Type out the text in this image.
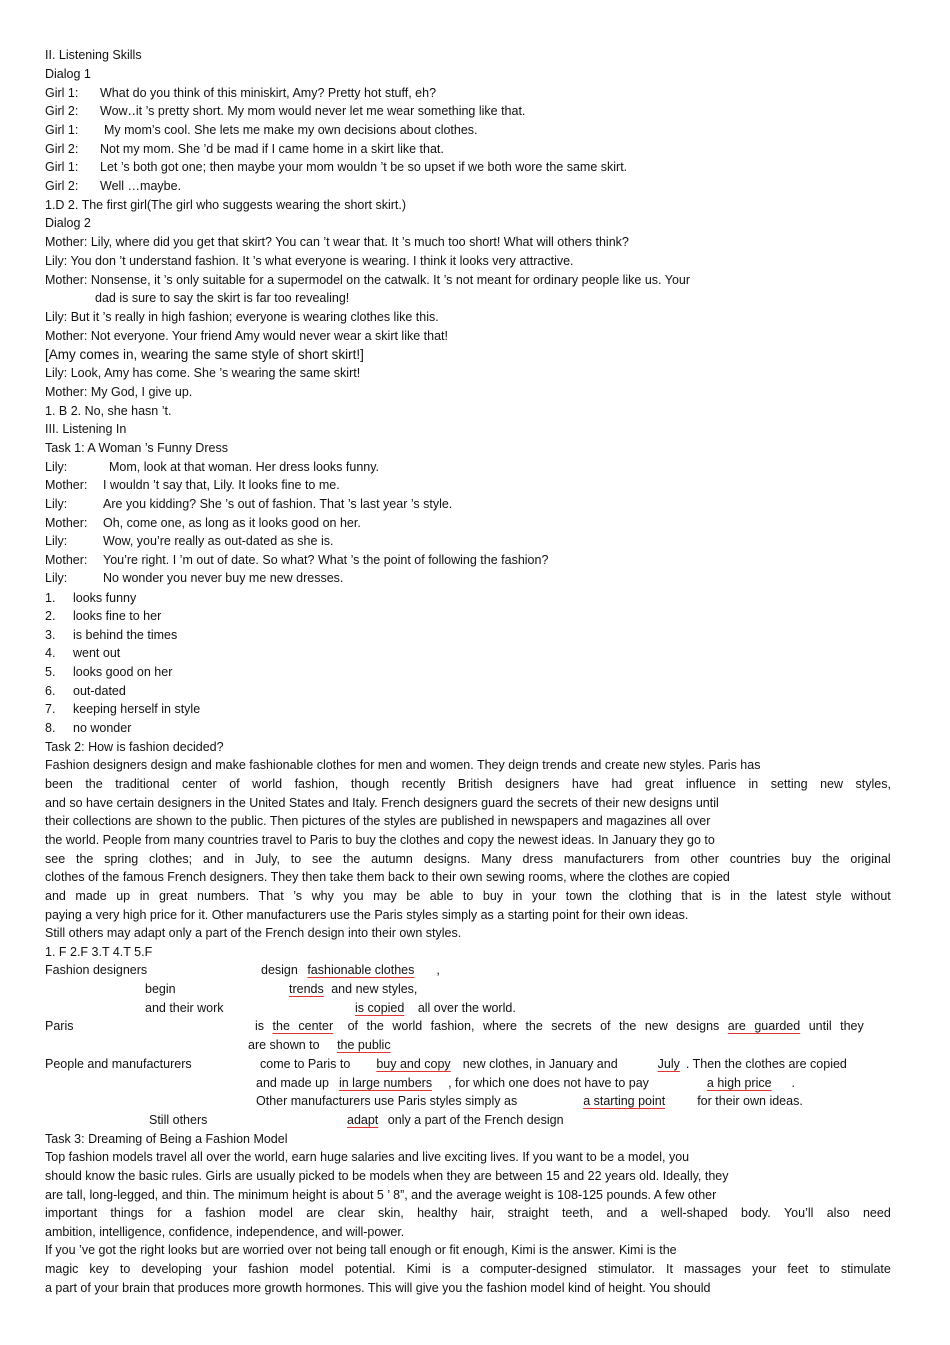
II. Listening Skills
Dialog 1
Girl 1: What do you think of this miniskirt, Amy? Pretty hot stuff, eh?
Girl 2: Wow‥it ’s pretty short. My mom would never let me wear something like that.
Girl 1: My mom’s cool. She lets me make my own decisions about clothes.
Girl 2: Not my mom. She ’d be mad if I came home in a skirt like that.
Girl 1: Let ’s both got one; then maybe your mom wouldn ’t be so upset if we both wore the same skirt.
Girl 2: Well …maybe.
1.D 2. The first girl(The girl who suggests wearing the short skirt.)
Dialog 2
Mother: Lily, where did you get that skirt? You can ’t wear that. It ’s much too short! What will others think?
Lily: You don ’t understand fashion. It ’s what everyone is wearing. I think it looks very attractive.
Mother: Nonsense, it ’s only suitable for a supermodel on the catwalk. It ’s not meant for ordinary people like us. Your
dad is sure to say the skirt is far too revealing!
Lily: But it ’s really in high fashion; everyone is wearing clothes like this.
Mother: Not everyone. Your friend Amy would never wear a skirt like that!
[Amy comes in, wearing the same style of short skirt!]
Lily: Look, Amy has come. She ’s wearing the same skirt!
Mother: My God, I give up.
1. B 2. No, she hasn ’t.
III. Listening In
Task 1: A Woman ’s Funny Dress
Lily:	Mom, look at that woman. Her dress looks funny.
Mother: I wouldn ’t say that, Lily. It looks fine to me.
Lily:	Are you kidding? She ’s out of fashion. That ’s last year ’s style.
Mother: Oh, come one, as long as it looks good on her.
Lily:	Wow, you’re really as out-dated as she is.
Mother: You’re right. I ’m out of date. So what? What ’s the point of following the fashion?
Lily:	No wonder you never buy me new dresses.
1. looks funny
2. looks fine to her
3. is behind the times
4. went out
5. looks good on her
6. out-dated
7. keeping herself in style
8. no wonder
Task 2: How is fashion decided?
Fashion designers design and make fashionable clothes for men and women. They deign trends and create new styles. Paris has
been the traditional center of world fashion, though recently British designers have had great influence in setting new styles,
and so have certain designers in the United States and Italy. French designers guard the secrets of their new designs until
their collections are shown to the public. Then pictures of the styles are published in newspapers and magazines all over
the world. People from many countries travel to Paris to buy the clothes and copy the newest ideas. In January they go to
see the spring clothes; and in July, to see the autumn designs. Many dress manufacturers from other countries buy the original
clothes of the famous French designers. They then take them back to their own sewing rooms, where the clothes are copied
and made up in great numbers. That ’s why you may be able to buy in your town the clothing that is in the latest style without
paying a very high price for it. Other manufacturers use the Paris styles simply as a starting point for their own ideas.
Still others may adapt only a part of the French design into their own styles.
1. F 2.F 3.T 4.T 5.F
Fashion designers	design fashionable clothes ,
begin	trends and new styles,
and their work	is copied all over the world.
Paris	is the center of the world fashion, where the secrets of the new designs are guarded until they
are shown to the public
People and manufacturers	come to Paris to buy and copy new clothes, in January and	July . Then the clothes are copied
and made up in large numbers , for which one does not have to pay	a high price .
Other manufacturers use Paris styles simply as	a starting point	for their own ideas.
Still others	adapt only a part of the French design
Task 3: Dreaming of Being a Fashion Model
Top fashion models travel all over the world, earn huge salaries and live exciting lives. If you want to be a model, you
should know the basic rules. Girls are usually picked to be models when they are between 15 and 22 years old. Ideally, they
are tall, long-legged, and thin. The minimum height is about 5 ’ 8”, and the average weight is 108-125 pounds. A few other
important things for a fashion model are clear skin, healthy hair, straight teeth, and a well-shaped body. You’ll also need
ambition, intelligence, confidence, independence, and will-power.
If you ’ve got the right looks but are worried over not being tall enough or fit enough, Kimi is the answer. Kimi is the
magic key to developing your fashion model potential. Kimi is a computer-designed stimulator. It massages your feet to stimulate
a part of your brain that produces more growth hormones. This will give you the fashion model kind of height. You should
